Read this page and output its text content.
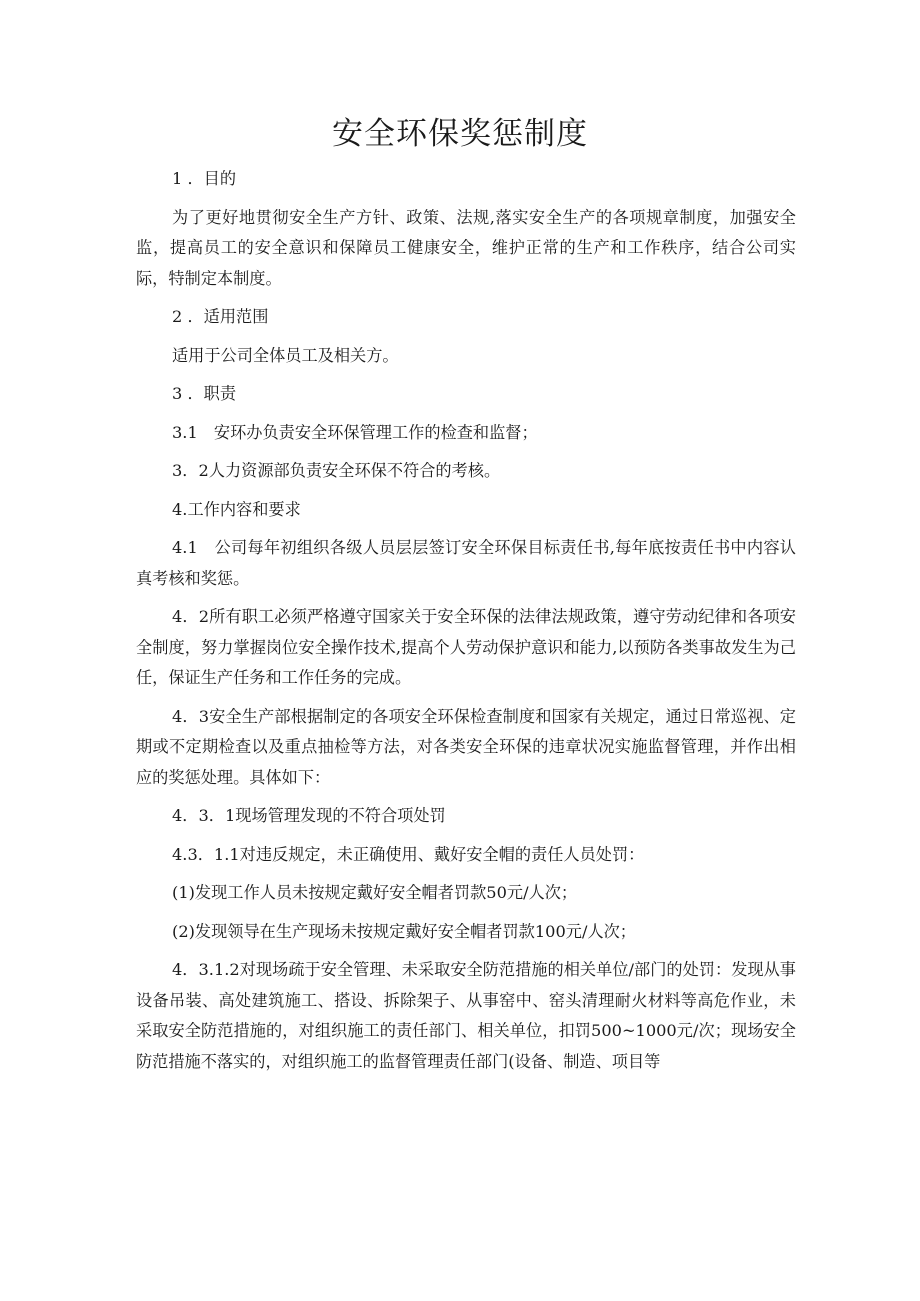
安全环保奖惩制度

1 ．目的

为了更好地贯彻安全生产方针、政策、法规,落实安全生产的各项规章制度，加强安全监，提高员工的安全意识和保障员工健康安全，维护正常的生产和工作秩序，结合公司实际，特制定本制度。

2 ．适用范围

适用于公司全体员工及相关方。

3 ．职责

3.1　安环办负责安全环保管理工作的检查和监督；

3．2人力资源部负责安全环保不符合的考核。

4.工作内容和要求

4.1　公司每年初组织各级人员层层签订安全环保目标责任书,每年底按责任书中内容认真考核和奖惩。

4．2所有职工必须严格遵守国家关于安全环保的法律法规政策，遵守劳动纪律和各项安全制度，努力掌握岗位安全操作技术,提高个人劳动保护意识和能力,以预防各类事故发生为己任，保证生产任务和工作任务的完成。

4．3安全生产部根据制定的各项安全环保检查制度和国家有关规定，通过日常巡视、定期或不定期检查以及重点抽检等方法，对各类安全环保的违章状况实施监督管理，并作出相应的奖惩处理。具体如下：

4．3．1现场管理发现的不符合项处罚

4.3．1.1对违反规定，未正确使用、戴好安全帽的责任人员处罚：

(1)发现工作人员未按规定戴好安全帽者罚款50元/人次；

(2)发现领导在生产现场未按规定戴好安全帽者罚款100元/人次；

4．3.1.2对现场疏于安全管理、未采取安全防范措施的相关单位/部门的处罚：发现从事设备吊装、高处建筑施工、搭设、拆除架子、从事窑中、窑头清理耐火材料等高危作业，未采取安全防范措施的，对组织施工的责任部门、相关单位，扣罚500~1000元/次；现场安全防范措施不落实的，对组织施工的监督管理责任部门(设备、制造、项目等
